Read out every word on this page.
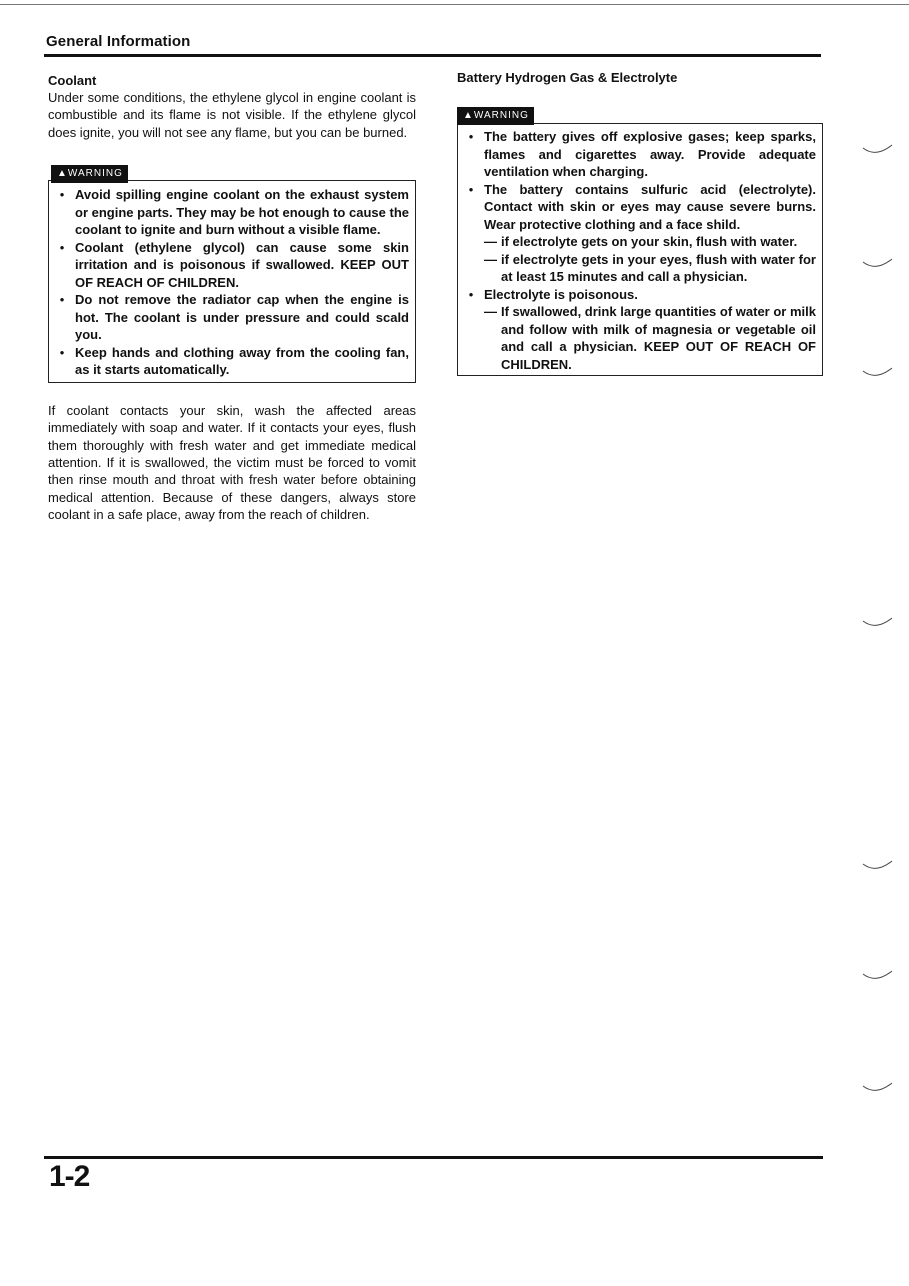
General Information

Coolant

Under some conditions, the ethylene glycol in engine coolant is combustible and its flame is not visible. If the ethylene glycol does ignite, you will not see any flame, but you can be burned.

▲WARNING
• Avoid spilling engine coolant on the exhaust system or engine parts. They may be hot enough to cause the coolant to ignite and burn without a visible flame.
• Coolant (ethylene glycol) can cause some skin irritation and is poisonous if swallowed. KEEP OUT OF REACH OF CHILDREN.
• Do not remove the radiator cap when the engine is hot. The coolant is under pressure and could scald you.
• Keep hands and clothing away from the cooling fan, as it starts automatically.

If coolant contacts your skin, wash the affected areas immediately with soap and water. If it contacts your eyes, flush them thoroughly with fresh water and get immediate medical attention. If it is swallowed, the victim must be forced to vomit then rinse mouth and throat with fresh water before obtaining medical attention. Because of these dangers, always store coolant in a safe place, away from the reach of children.

Battery Hydrogen Gas & Electrolyte

▲WARNING
• The battery gives off explosive gases; keep sparks, flames and cigarettes away. Provide adequate ventilation when charging.
• The battery contains sulfuric acid (electrolyte). Contact with skin or eyes may cause severe burns. Wear protective clothing and a face shild.
— if electrolyte gets on your skin, flush with water.
— if electrolyte gets in your eyes, flush with water for at least 15 minutes and call a physician.
• Electrolyte is poisonous.
— If swallowed, drink large quantities of water or milk and follow with milk of magnesia or vegetable oil and call a physician. KEEP OUT OF REACH OF CHILDREN.
1-2
